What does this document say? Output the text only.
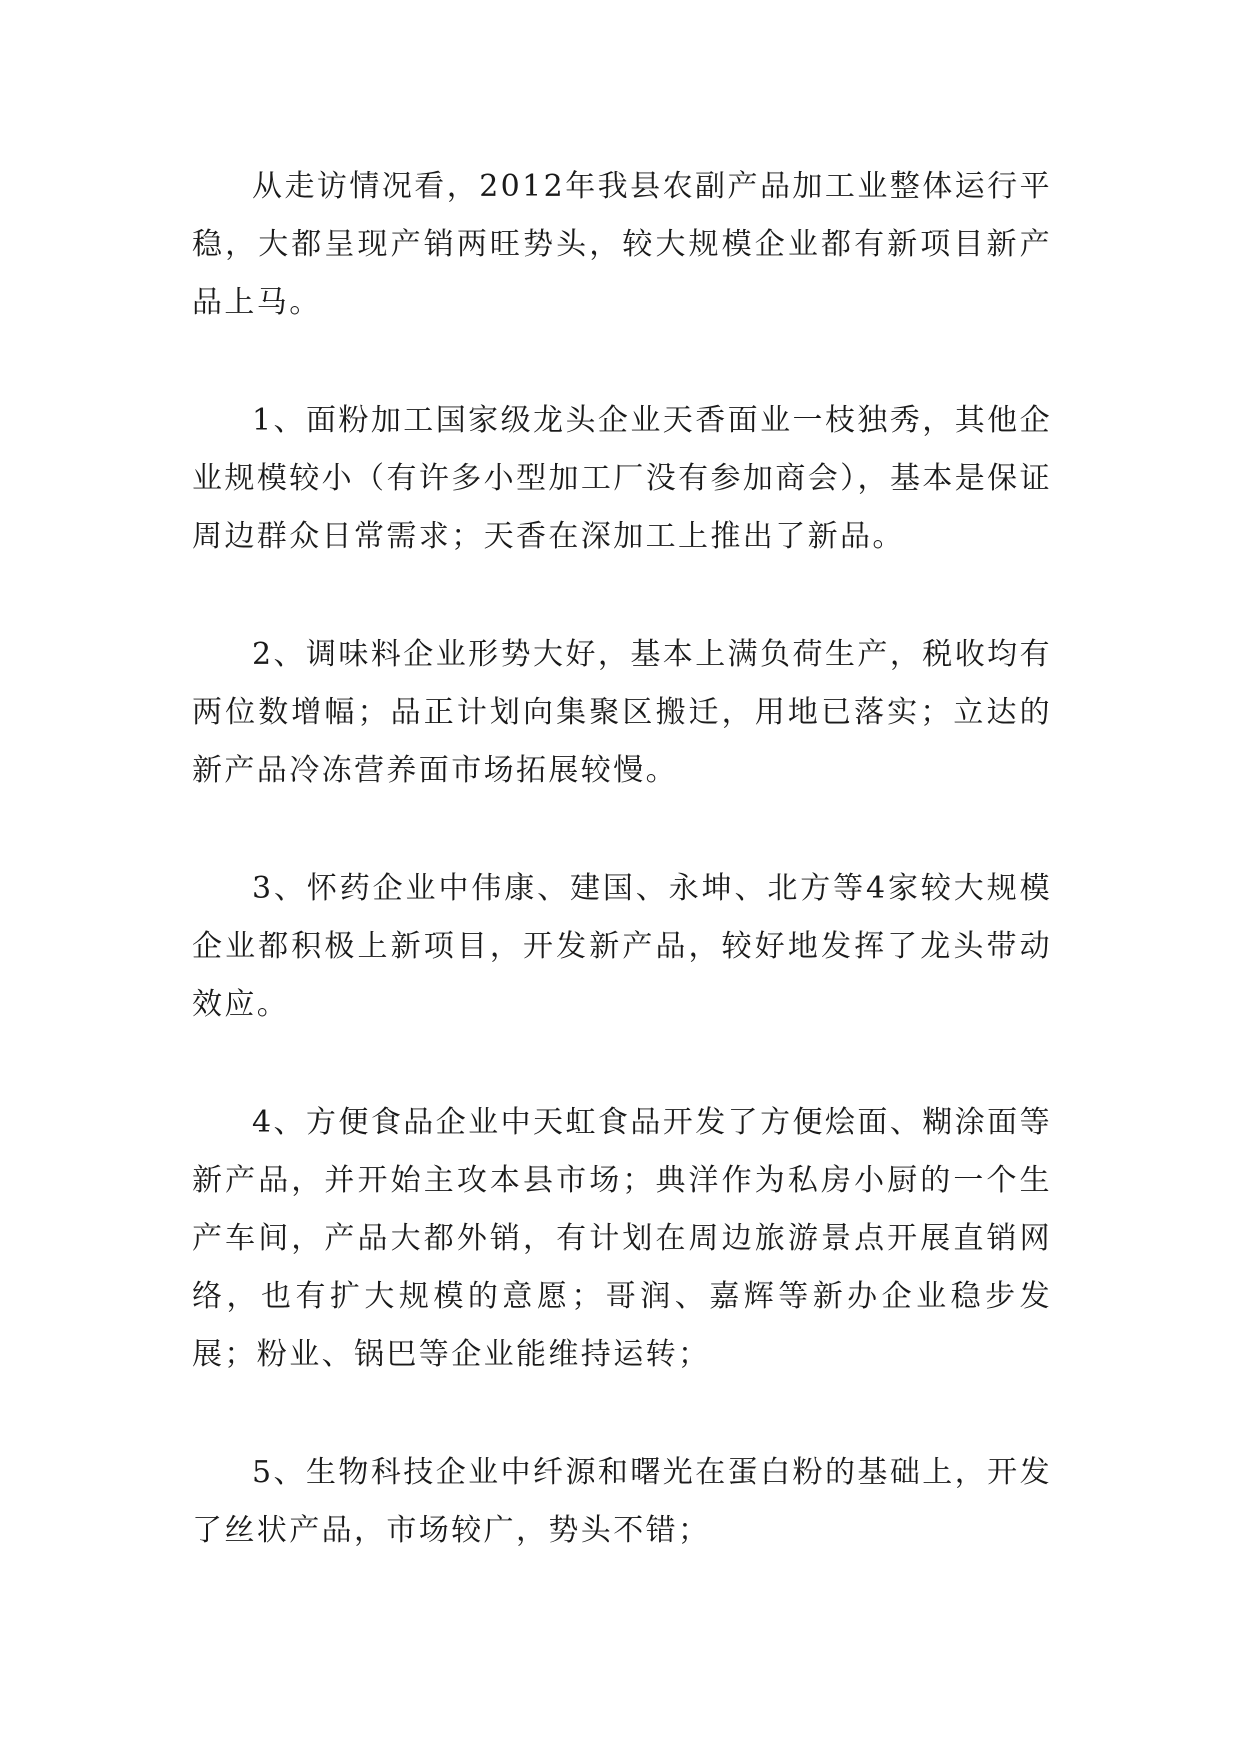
从走访情况看，2012年我县农副产品加工业整体运行平稳，大都呈现产销两旺势头，较大规模企业都有新项目新产品上马。

1、面粉加工国家级龙头企业天香面业一枝独秀，其他企业规模较小（有许多小型加工厂没有参加商会），基本是保证周边群众日常需求；天香在深加工上推出了新品。

2、调味料企业形势大好，基本上满负荷生产，税收均有两位数增幅；品正计划向集聚区搬迁，用地已落实；立达的新产品冷冻营养面市场拓展较慢。

3、怀药企业中伟康、建国、永坤、北方等4家较大规模企业都积极上新项目，开发新产品，较好地发挥了龙头带动效应。

4、方便食品企业中天虹食品开发了方便烩面、糊涂面等新产品，并开始主攻本县市场；典洋作为私房小厨的一个生产车间，产品大都外销，有计划在周边旅游景点开展直销网络，也有扩大规模的意愿；哥润、嘉辉等新办企业稳步发展；粉业、锅巴等企业能维持运转；

5、生物科技企业中纤源和曙光在蛋白粉的基础上，开发了丝状产品，市场较广，势头不错；
